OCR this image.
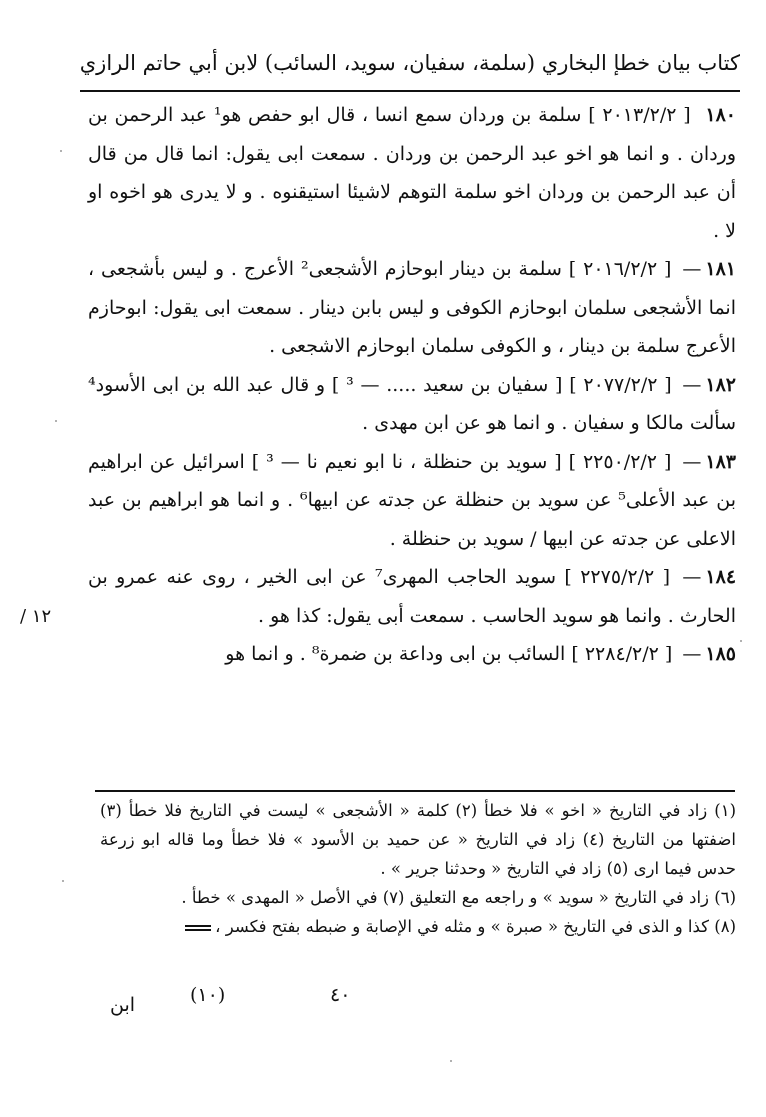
كتاب بيان خطإ البخاري (سلمة، سفيان، سويد، السائب) لابن أبي حاتم الرازي

١٨٠ [ ٢٠١٣/٢/٢ ] سلمة بن وردان سمع انسا ، قال ابو حفص هو¹ عبد الرحمن بن وردان . و انما هو اخو عبد الرحمن بن وردان . سمعت ابى يقول: انما قال من قال أن عبد الرحمن بن وردان اخو سلمة التوهم لاشيئا استيقنوه . و لا يدرى هو اخوه او لا .

١٨١— [ ٢٠١٦/٢/٢ ] سلمة بن دينار ابوحازم الأشجعى² الأعرج . و ليس بأشجعى ، انما الأشجعى سلمان ابوحازم الكوفى و ليس بابن دينار . سمعت ابى يقول: ابوحازم الأعرج سلمة بن دينار ، و الكوفى سلمان ابوحازم الاشجعى .

١٨٢— [ ٢٠٧٧/٢/٢ ] [ سفيان بن سعيد ..... — ³ ] و قال عبد الله بن ابى الأسود⁴ سألت مالكا و سفيان . و انما هو عن ابن مهدى .

١٨٣— [ ٢٢٥٠/٢/٢ ] [ سويد بن حنظلة ، نا ابو نعيم نا — ³ ] اسرائيل عن ابراهيم بن عبد الأعلى⁵ عن سويد بن حنظلة عن جدته عن ابيها⁶ . و انما هو ابراهيم بن عبد الاعلى عن جدته عن ابيها / سويد بن حنظلة .

١٨٤— [ ٢٢٧٥/٢/٢ ] سويد الحاجب المهرى⁷ عن ابى الخير ، روى عنه عمرو بن الحارث . وانما هو سويد الحاسب . سمعت أبى يقول: كذا هو .

١٨٥— [ ٢٢٨٤/٢/٢ ] السائب بن ابى وداعة بن ضمرة⁸ . و انما هو

١٢ /

(١) زاد في التاريخ « اخو » فلا خطأ (٢) كلمة « الأشجعى » ليست في التاريخ فلا خطأ (٣) اضفتها من التاريخ (٤) زاد في التاريخ « عن حميد بن الأسود » فلا خطأ وما قاله ابو زرعة حدس فيما ارى (٥) زاد في التاريخ « وحدثنا جرير » .

(٦) زاد في التاريخ « سويد » و راجعه مع التعليق (٧) في الأصل « المهدى » خطأ .

(٨) كذا و الذى في التاريخ « صبرة » و مثله في الإصابة و ضبطه بفتح فكسر ،

٤٠
(١٠)
ابن
